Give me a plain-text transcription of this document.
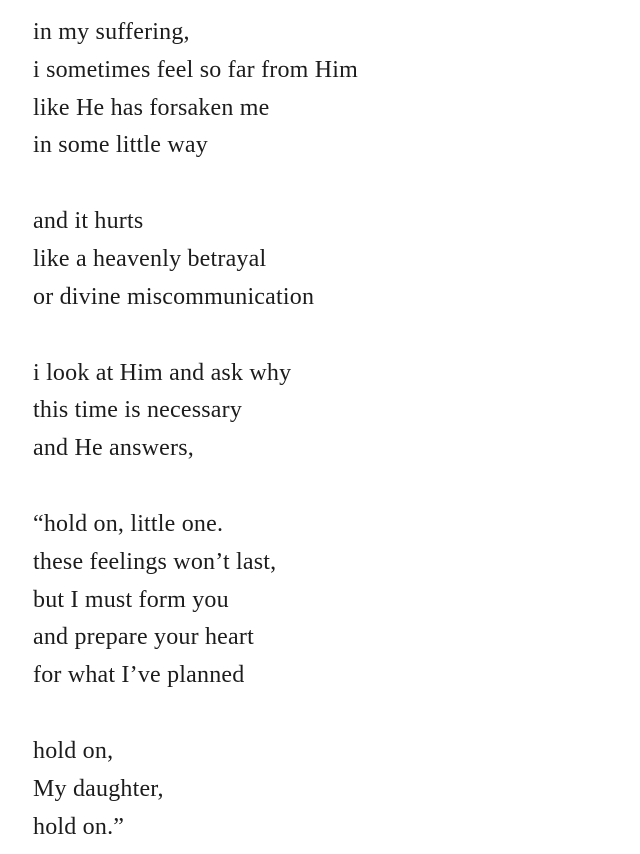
in my suffering,
i sometimes feel so far from Him
like He has forsaken me
in some little way
and it hurts
like a heavenly betrayal
or divine miscommunication
i look at Him and ask why
this time is necessary
and He answers,
“hold on, little one.
these feelings won’t last,
but I must form you
and prepare your heart
for what I’ve planned
hold on,
My daughter,
hold on.”
